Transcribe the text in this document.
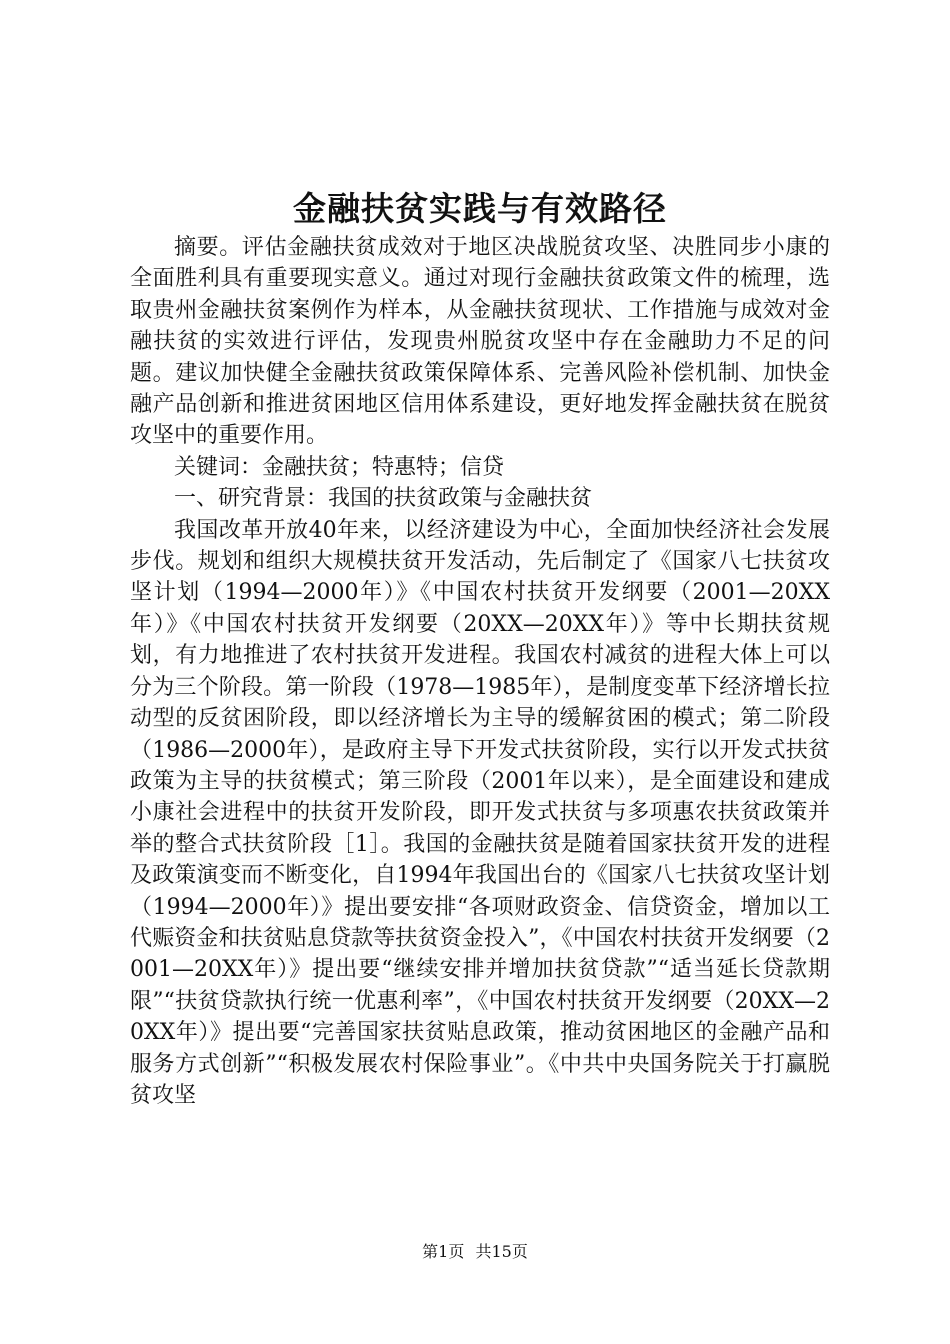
金融扶贫实践与有效路径

摘要。评估金融扶贫成效对于地区决战脱贫攻坚、决胜同步小康的全面胜利具有重要现实意义。通过对现行金融扶贫政策文件的梳理，选取贵州金融扶贫案例作为样本，从金融扶贫现状、工作措施与成效对金融扶贫的实效进行评估，发现贵州脱贫攻坚中存在金融助力不足的问题。建议加快健全金融扶贫政策保障体系、完善风险补偿机制、加快金融产品创新和推进贫困地区信用体系建设，更好地发挥金融扶贫在脱贫攻坚中的重要作用。

关键词：金融扶贫；特惠特；信贷

一、研究背景：我国的扶贫政策与金融扶贫

我国改革开放40年来，以经济建设为中心，全面加快经济社会发展步伐。规划和组织大规模扶贫开发活动，先后制定了《国家八七扶贫攻坚计划（1994—2000年）》《中国农村扶贫开发纲要（2001—20XX年）》《中国农村扶贫开发纲要（20XX—20XX年）》等中长期扶贫规划，有力地推进了农村扶贫开发进程。我国农村减贫的进程大体上可以分为三个阶段。第一阶段（1978—1985年），是制度变革下经济增长拉动型的反贫困阶段，即以经济增长为主导的缓解贫困的模式；第二阶段（1986—2000年），是政府主导下开发式扶贫阶段，实行以开发式扶贫政策为主导的扶贫模式；第三阶段（2001年以来），是全面建设和建成小康社会进程中的扶贫开发阶段，即开发式扶贫与多项惠农扶贫政策并举的整合式扶贫阶段［1］。我国的金融扶贫是随着国家扶贫开发的进程及政策演变而不断变化，自1994年我国出台的《国家八七扶贫攻坚计划（1994—2000年）》提出要安排“各项财政资金、信贷资金，增加以工代赈资金和扶贫贴息贷款等扶贫资金投入”，《中国农村扶贫开发纲要（2001—20XX年）》提出要“继续安排并增加扶贫贷款”“适当延长贷款期限”“扶贫贷款执行统一优惠利率”，《中国农村扶贫开发纲要（20XX—20XX年）》提出要“完善国家扶贫贴息政策，推动贫困地区的金融产品和服务方式创新”“积极发展农村保险事业”。《中共中央国务院关于打赢脱贫攻坚

第1页 共15页
